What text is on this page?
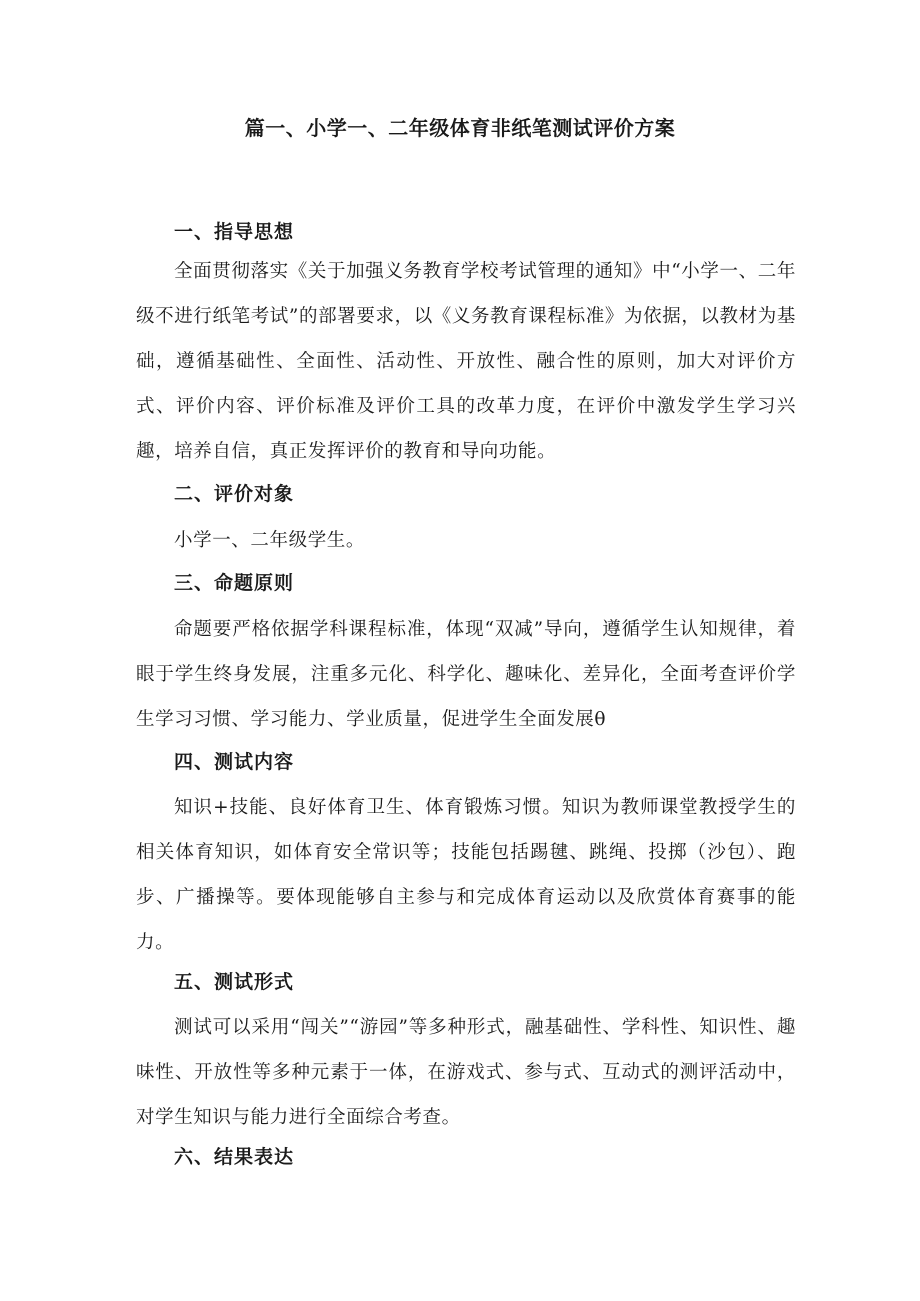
篇一、小学一、二年级体育非纸笔测试评价方案
一、指导思想
全面贯彻落实《关于加强义务教育学校考试管理的通知》中“小学一、二年级不进行纸笔考试”的部署要求，以《义务教育课程标准》为依据，以教材为基础，遵循基础性、全面性、活动性、开放性、融合性的原则，加大对评价方式、评价内容、评价标准及评价工具的改革力度，在评价中激发学生学习兴趣，培养自信，真正发挥评价的教育和导向功能。
二、评价对象
小学一、二年级学生。
三、命题原则
命题要严格依据学科课程标准，体现“双减”导向，遵循学生认知规律，着眼于学生终身发展，注重多元化、科学化、趣味化、差异化，全面考查评价学生学习习惯、学习能力、学业质量，促进学生全面发展θ
四、测试内容
知识+技能、良好体育卫生、体育锻炼习惯。知识为教师课堂教授学生的相关体育知识，如体育安全常识等；技能包括踢毽、跳绳、投掷（沙包）、跑步、广播操等。要体现能够自主参与和完成体育运动以及欣赏体育赛事的能力。
五、测试形式
测试可以采用“闯关”“游园”等多种形式，融基础性、学科性、知识性、趣味性、开放性等多种元素于一体，在游戏式、参与式、互动式的测评活动中，对学生知识与能力进行全面综合考查。
六、结果表达
